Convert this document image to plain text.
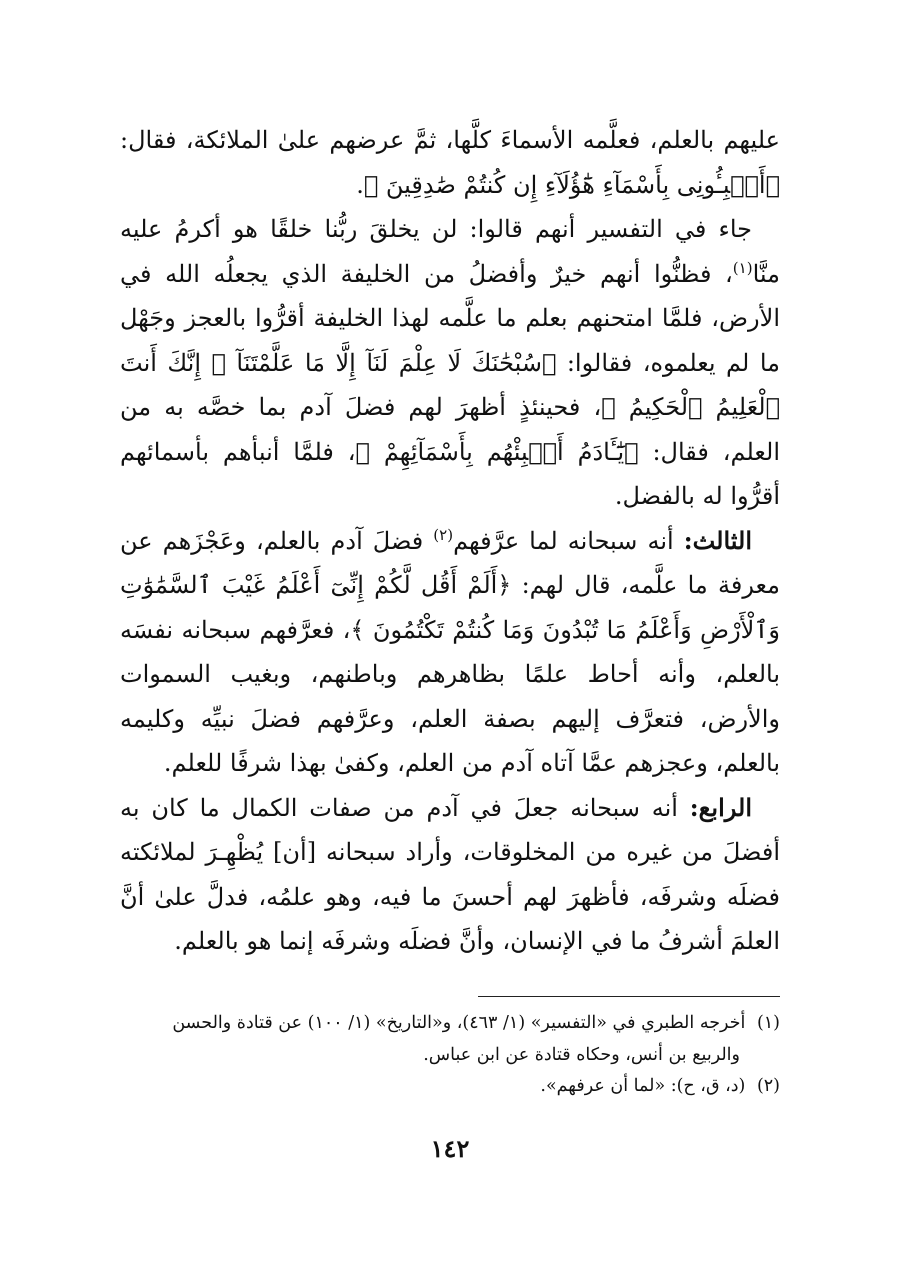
عليهم بالعلم، فعلَّمه الأسماءَ كلَّها، ثمَّ عرضهم علىٰ الملائكة، فقال: ﴿أَنۢبِـُٔونِى بِأَسْمَآءِ هَٰٓؤُلَآءِ إِن كُنتُمْ صَٰدِقِينَ ﴾.

جاء في التفسير أنهم قالوا: لن يخلقَ ربُّنا خلقًا هو أكرمُ عليه منَّا$^{(١)}$، فظنُّوا أنهم خيرٌ وأفضلُ من الخليفة الذي يجعلُه الله في الأرض، فلمَّا امتحنهم بعلم ما علَّمه لهذا الخليفة أقرُّوا بالعجز وجَهْل ما لم يعلموه، فقالوا: ﴿سُبْحَٰنَكَ لَا عِلْمَ لَنَآ إِلَّا مَا عَلَّمْتَنَآ ۖ إِنَّكَ أَنتَ ٱلْعَلِيمُ ٱلْحَكِيمُ ﴾، فحينئذٍ أظهرَ لهم فضلَ آدم بما خصَّه به من العلم، فقال: ﴿يَٰٓـَٔادَمُ أَنۢبِئْهُم بِأَسْمَآئِهِمْ ﴾، فلمَّا أنبأهم بأسمائهم أقرُّوا له بالفضل.

الثالث: أنه سبحانه لما عرَّفهم$^{(٢)}$ فضلَ آدم بالعلم، وعَجْزَهم عن معرفة ما علَّمه، قال لهم: ﴿أَلَمْ أَقُل لَّكُمْ إِنِّىٓ أَعْلَمُ غَيْبَ ٱلسَّمَٰوَٰتِ وَٱلْأَرْضِ وَأَعْلَمُ مَا تُبْدُونَ وَمَا كُنتُمْ تَكْتُمُونَ ﴾، فعرَّفهم سبحانه نفسَه بالعلم، وأنه أحاط علمًا بظاهرهم وباطنهم، وبغيب السموات والأرض، فتعرَّف إليهم بصفة العلم، وعرَّفهم فضلَ نبيِّه وكليمه بالعلم، وعجزهم عمَّا آتاه آدم من العلم، وكفىٰ بهذا شرفًا للعلم.

الرابع: أنه سبحانه جعلَ في آدم من صفات الكمال ما كان به أفضلَ من غيره من المخلوقات، وأراد سبحانه [أن] يُظْهِـرَ لملائكته فضلَه وشرفَه، فأظهرَ لهم أحسنَ ما فيه، وهو علمُه، فدلَّ علىٰ أنَّ العلمَ أشرفُ ما في الإنسان، وأنَّ فضلَه وشرفَه إنما هو بالعلم.

(١) أخرجه الطبري في «التفسير» (١/ ٤٦٣)، و«التاريخ» (١/ ١٠٠) عن قتادة والحسن

والربيع بن أنس، وحكاه قتادة عن ابن عباس.

(٢) (د، ق، ح): «لما أن عرفهم».

١٤٢
